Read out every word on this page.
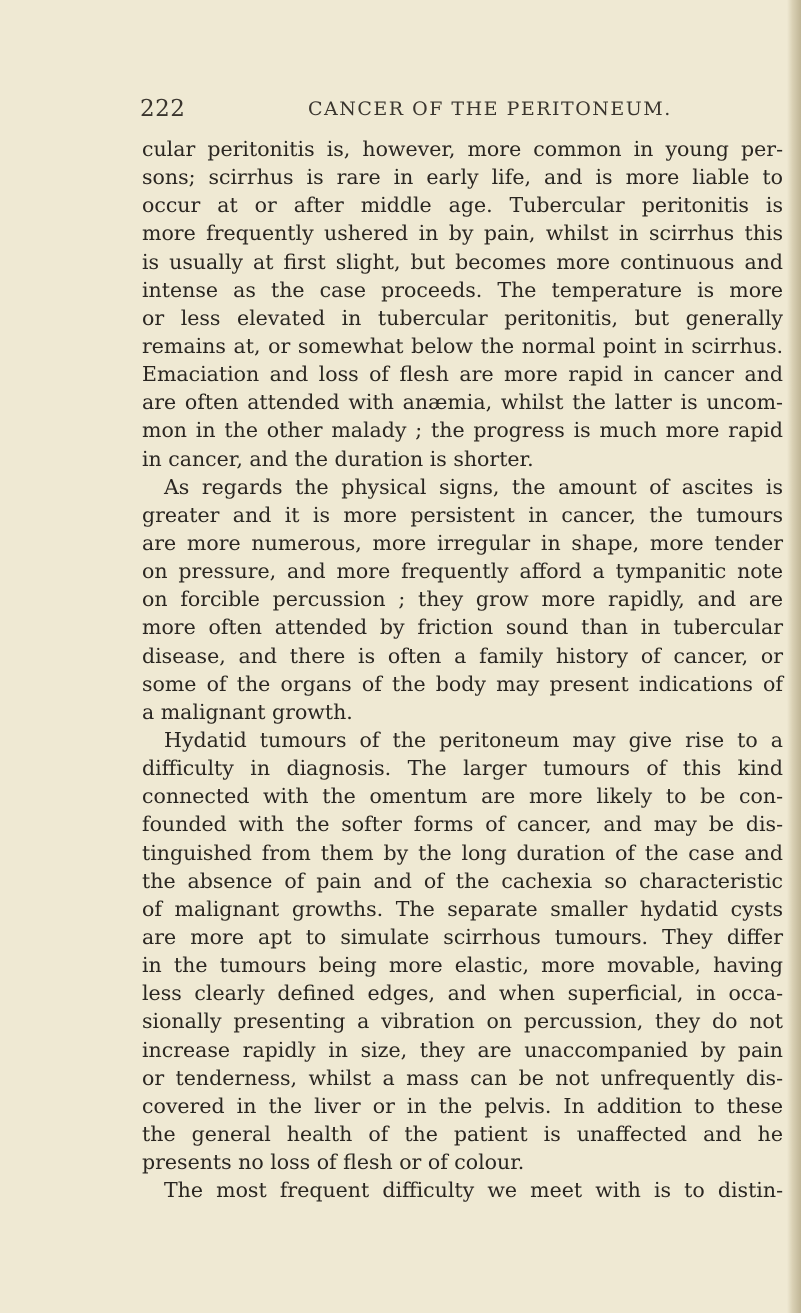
222	CANCER OF THE PERITONEUM.
cular peritonitis is, however, more common in young per-
sons; scirrhus is rare in early life, and is more liable to
occur at or after middle age. Tubercular peritonitis is
more frequently ushered in by pain, whilst in scirrhus this
is usually at first slight, but becomes more continuous and
intense as the case proceeds. The temperature is more
or less elevated in tubercular peritonitis, but generally
remains at, or somewhat below the normal point in scirrhus.
Emaciation and loss of flesh are more rapid in cancer and
are often attended with anæmia, whilst the latter is uncom-
mon in the other malady ; the progress is much more rapid
in cancer, and the duration is shorter.
As regards the physical signs, the amount of ascites is
greater and it is more persistent in cancer, the tumours
are more numerous, more irregular in shape, more tender
on pressure, and more frequently afford a tympanitic note
on forcible percussion ; they grow more rapidly, and are
more often attended by friction sound than in tubercular
disease, and there is often a family history of cancer, or
some of the organs of the body may present indications of
a malignant growth.
Hydatid tumours of the peritoneum may give rise to a
difficulty in diagnosis. The larger tumours of this kind
connected with the omentum are more likely to be con-
founded with the softer forms of cancer, and may be dis-
tinguished from them by the long duration of the case and
the absence of pain and of the cachexia so characteristic
of malignant growths. The separate smaller hydatid cysts
are more apt to simulate scirrhous tumours. They differ
in the tumours being more elastic, more movable, having
less clearly defined edges, and when superficial, in occa-
sionally presenting a vibration on percussion, they do not
increase rapidly in size, they are unaccompanied by pain
or tenderness, whilst a mass can be not unfrequently dis-
covered in the liver or in the pelvis. In addition to these
the general health of the patient is unaffected and he
presents no loss of flesh or of colour.
The most frequent difficulty we meet with is to distin-
